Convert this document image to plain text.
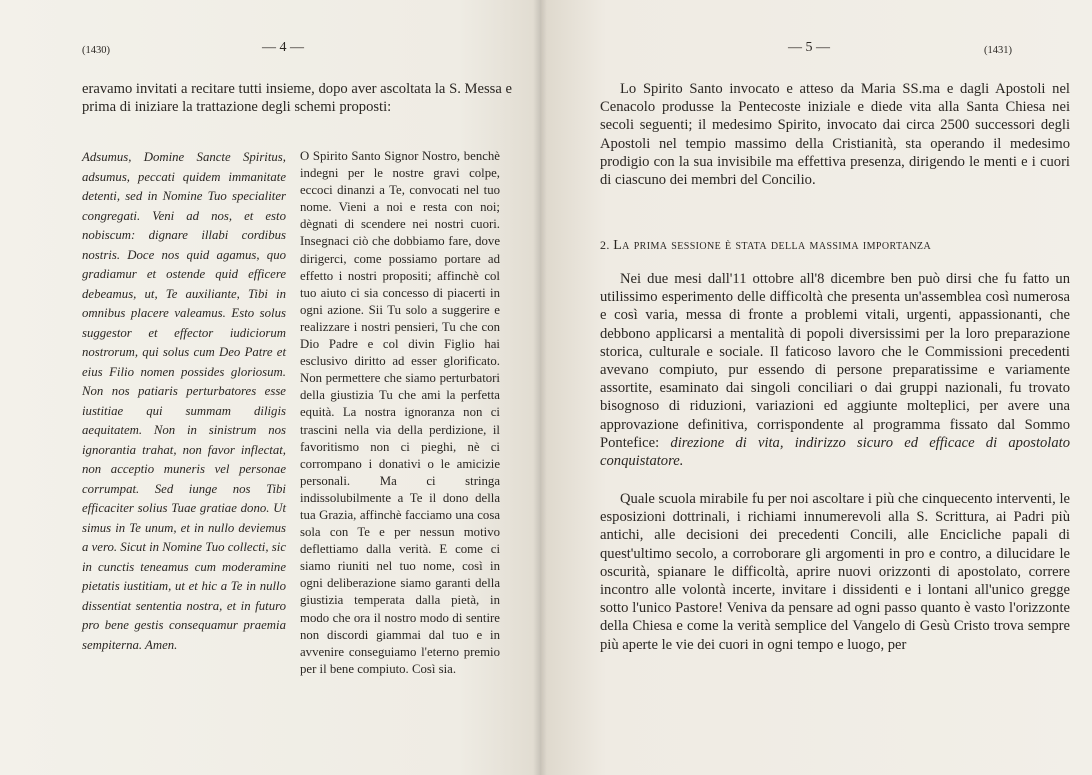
(1430)	— 4 —

eravamo invitati a recitare tutti insieme, dopo aver ascoltata la S. Messa e prima di iniziare la trattazione degli schemi proposti:

Adsumus, Domine Sancte Spiritus, adsumus, peccati quidem immanitate detenti, sed in Nomine Tuo specialiter congregati. Veni ad nos, et esto nobiscum: dignare illabi cordibus nostris. Doce nos quid agamus, quo gradiamur et ostende quid efficere debeamus, ut, Te auxiliante, Tibi in omnibus placere valeamus. Esto solus suggestor et effector iudiciorum nostrorum, qui solus cum Deo Patre et eius Filio nomen possides gloriosum. Non nos patiaris perturbatores esse iustitiae qui summam diligis aequitatem. Non in sinistrum nos ignorantia trahat, non favor inflectat, non acceptio muneris vel personae corrumpat. Sed iunge nos Tibi efficaciter solius Tuae gratiae dono. Ut simus in Te unum, et in nullo deviemus a vero. Sicut in Nomine Tuo collecti, sic in cunctis teneamus cum moderamine pietatis iustitiam, ut et hic a Te in nullo dissentiat sententia nostra, et in futuro pro bene gestis consequamur praemia sempiterna. Amen.

O Spirito Santo Signor Nostro, benchè indegni per le nostre gravi colpe, eccoci dinanzi a Te, convocati nel tuo nome. Vieni a noi e resta con noi; dègnati di scendere nei nostri cuori. Insegnaci ciò che dobbiamo fare, dove dirigerci, come possiamo portare ad effetto i nostri propositi; affinchè col tuo aiuto ci sia concesso di piacerti in ogni azione. Sii Tu solo a suggerire e realizzare i nostri pensieri, Tu che con Dio Padre e col divin Figlio hai esclusivo diritto ad esser glorificato. Non permettere che siamo perturbatori della giustizia Tu che ami la perfetta equità. La nostra ignoranza non ci trascini nella via della perdizione, il favoritismo non ci pieghi, nè ci corrompano i donativi o le amicizie personali. Ma ci stringa indissolubilmente a Te il dono della tua Grazia, affinchè facciamo una cosa sola con Te e per nessun motivo deflettiamo dalla verità. E come ci siamo riuniti nel tuo nome, così in ogni deliberazione siamo garanti della giustizia temperata dalla pietà, in modo che ora il nostro modo di sentire non discordi giammai dal tuo e in avvenire conseguiamo l'eterno premio per il bene compiuto. Così sia.

— 5 —	(1431)

Lo Spirito Santo invocato e atteso da Maria SS.ma e dagli Apostoli nel Cenacolo produsse la Pentecoste iniziale e diede vita alla Santa Chiesa nei secoli seguenti; il medesimo Spirito, invocato dai circa 2500 successori degli Apostoli nel tempio massimo della Cristianità, sta operando il medesimo prodigio con la sua invisibile ma effettiva presenza, dirigendo le menti e i cuori di ciascuno dei membri del Concilio.

2. La prima sessione è stata della massima importanza

Nei due mesi dall'11 ottobre all'8 dicembre ben può dirsi che fu fatto un utilissimo esperimento delle difficoltà che presenta un'assemblea così numerosa e così varia, messa di fronte a problemi vitali, urgenti, appassionanti, che debbono applicarsi a mentalità di popoli diversissimi per la loro preparazione storica, culturale e sociale. Il faticoso lavoro che le Commissioni precedenti avevano compiuto, pur essendo di persone preparatissime e variamente assortite, esaminato dai singoli conciliari o dai gruppi nazionali, fu trovato bisognoso di riduzioni, variazioni ed aggiunte molteplici, per avere una approvazione definitiva, corrispondente al programma fissato dal Sommo Pontefice: direzione di vita, indirizzo sicuro ed efficace di apostolato conquistatore.

Quale scuola mirabile fu per noi ascoltare i più che cinquecento interventi, le esposizioni dottrinali, i richiami innumerevoli alla S. Scrittura, ai Padri più antichi, alle decisioni dei precedenti Concili, alle Encicliche papali di quest'ultimo secolo, a corroborare gli argomenti in pro e contro, a dilucidare le oscurità, spianare le difficoltà, aprire nuovi orizzonti di apostolato, correre incontro alle volontà incerte, invitare i dissidenti e i lontani all'unico gregge sotto l'unico Pastore! Veniva da pensare ad ogni passo quanto è vasto l'orizzonte della Chiesa e come la verità semplice del Vangelo di Gesù Cristo trova sempre più aperte le vie dei cuori in ogni tempo e luogo, per
